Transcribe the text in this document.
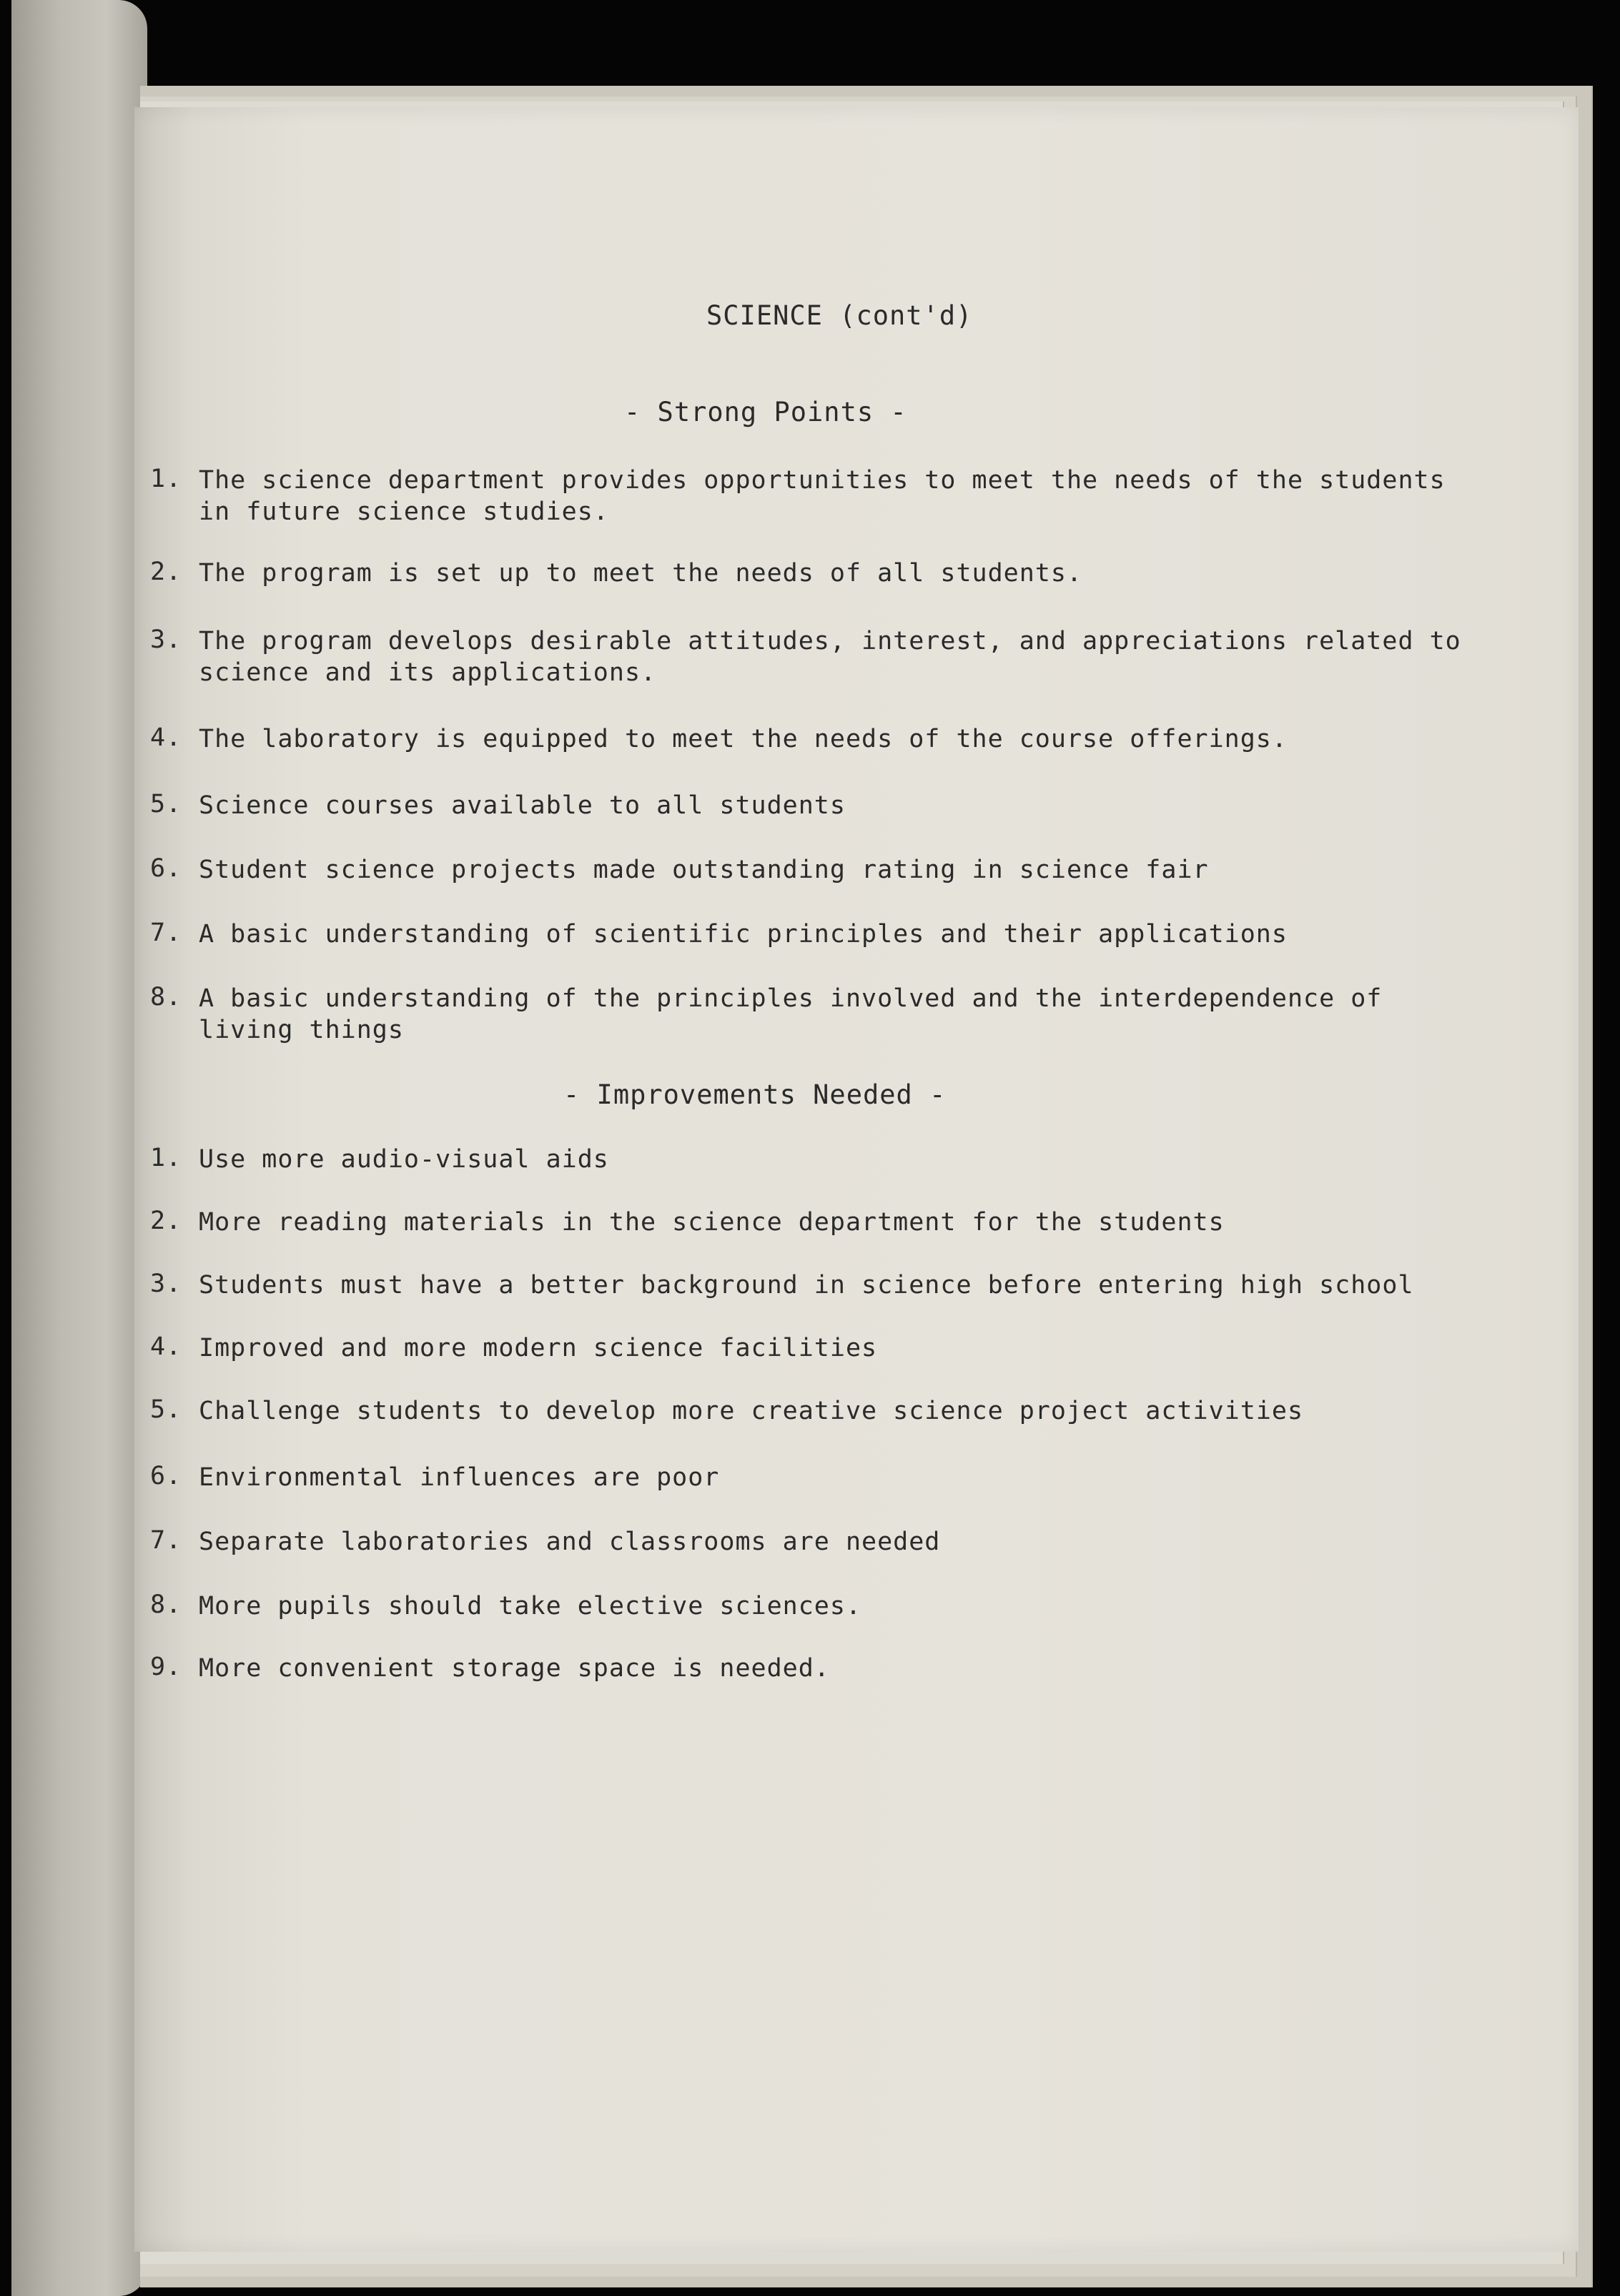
SCIENCE (cont'd)
- Strong Points -
1. The science department provides opportunities to meet the needs of the students in future science studies.
2. The program is set up to meet the needs of all students.
3. The program develops desirable attitudes, interest, and appreciations related to science and its applications.
4. The laboratory is equipped to meet the needs of the course offerings.
5. Science courses available to all students
6. Student science projects made outstanding rating in science fair
7. A basic understanding of scientific principles and their applications
8. A basic understanding of the principles involved and the interdependence of living things
- Improvements Needed -
1. Use more audio-visual aids
2. More reading materials in the science department for the students
3. Students must have a better background in science before entering high school
4. Improved and more modern science facilities
5. Challenge students to develop more creative science project activities
6. Environmental influences are poor
7. Separate laboratories and classrooms are needed
8. More pupils should take elective sciences.
9. More convenient storage space is needed.
